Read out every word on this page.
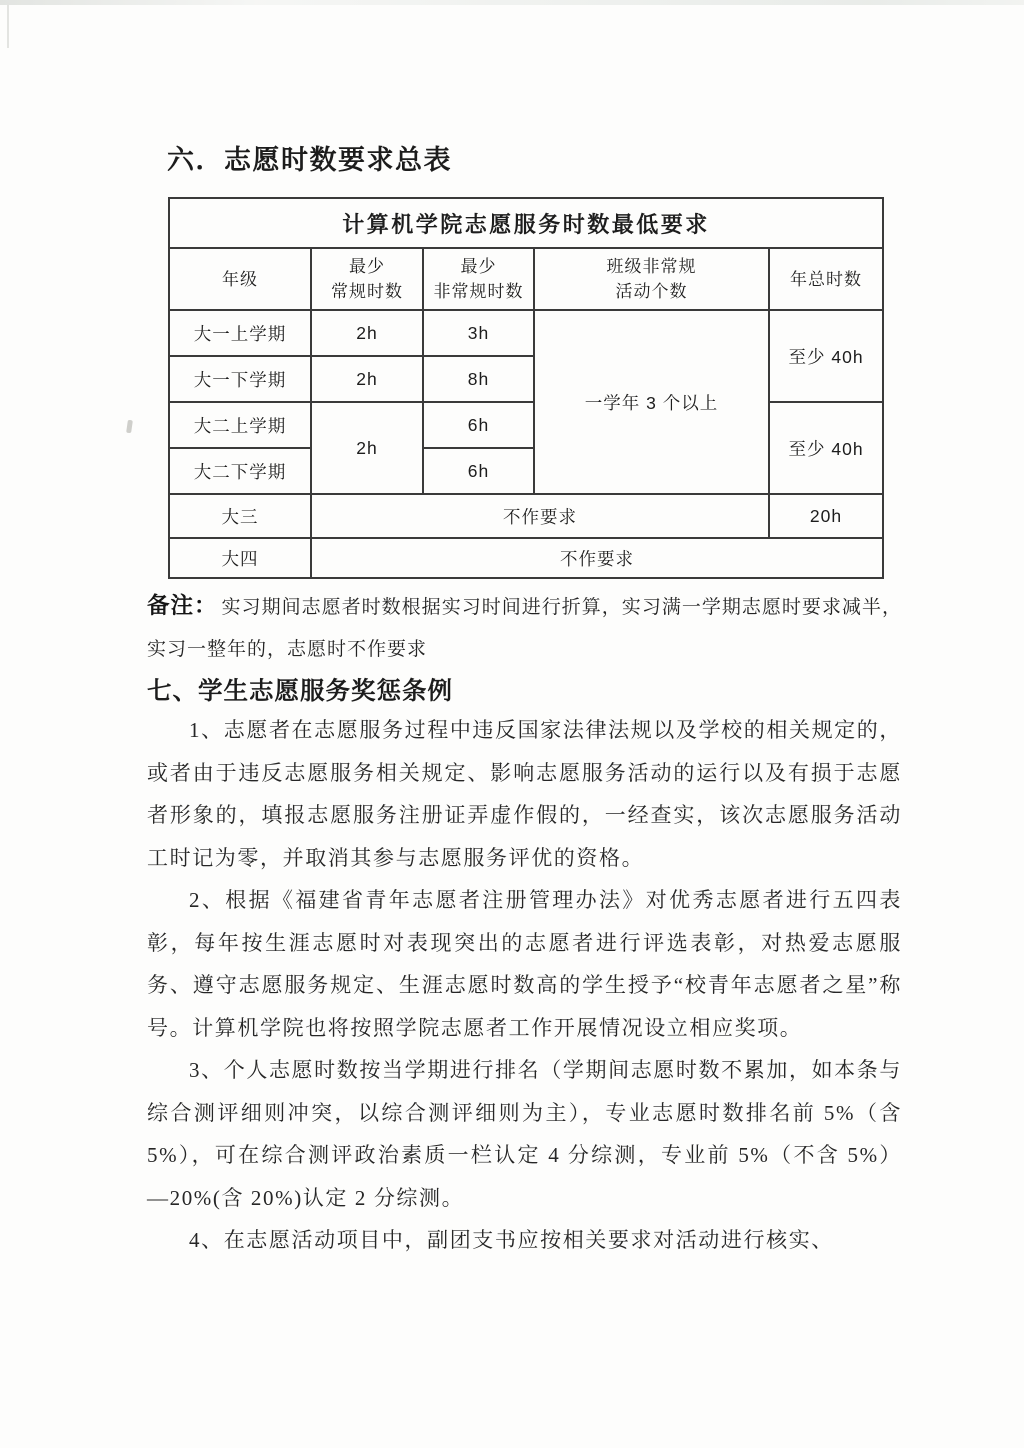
六．志愿时数要求总表
计算机学院志愿服务时数最低要求				

年级

最少
常规时数

最少
非常规时数

班级非常规
活动个数

年总时数

大一上学期	2h	3h	一学年 3 个以上	至少 40h
大一下学期	2h	8h		
大二上学期	2h	6h		至少 40h
大二下学期		6h		
大三	不作要求			20h
大四	不作要求			

备注： 实习期间志愿者时数根据实习时间进行折算，实习满一学期志愿时要求减半，实习一整年的，志愿时不作要求

七、学生志愿服务奖惩条例

1、志愿者在志愿服务过程中违反国家法律法规以及学校的相关规定的，或者由于违反志愿服务相关规定、影响志愿服务活动的运行以及有损于志愿者形象的，填报志愿服务注册证弄虚作假的，一经查实，该次志愿服务活动工时记为零，并取消其参与志愿服务评优的资格。

2、根据《福建省青年志愿者注册管理办法》对优秀志愿者进行五四表彰，每年按生涯志愿时对表现突出的志愿者进行评选表彰，对热爱志愿服务、遵守志愿服务规定、生涯志愿时数高的学生授予“校青年志愿者之星”称号。计算机学院也将按照学院志愿者工作开展情况设立相应奖项。

3、个人志愿时数按当学期进行排名（学期间志愿时数不累加，如本条与综合测评细则冲突，以综合测评细则为主），专业志愿时数排名前 5%（含 5%），可在综合测评政治素质一栏认定 4 分综测，专业前 5%（不含 5%）—20%(含 20%)认定 2 分综测。

4、在志愿活动项目中，副团支书应按相关要求对活动进行核实、
